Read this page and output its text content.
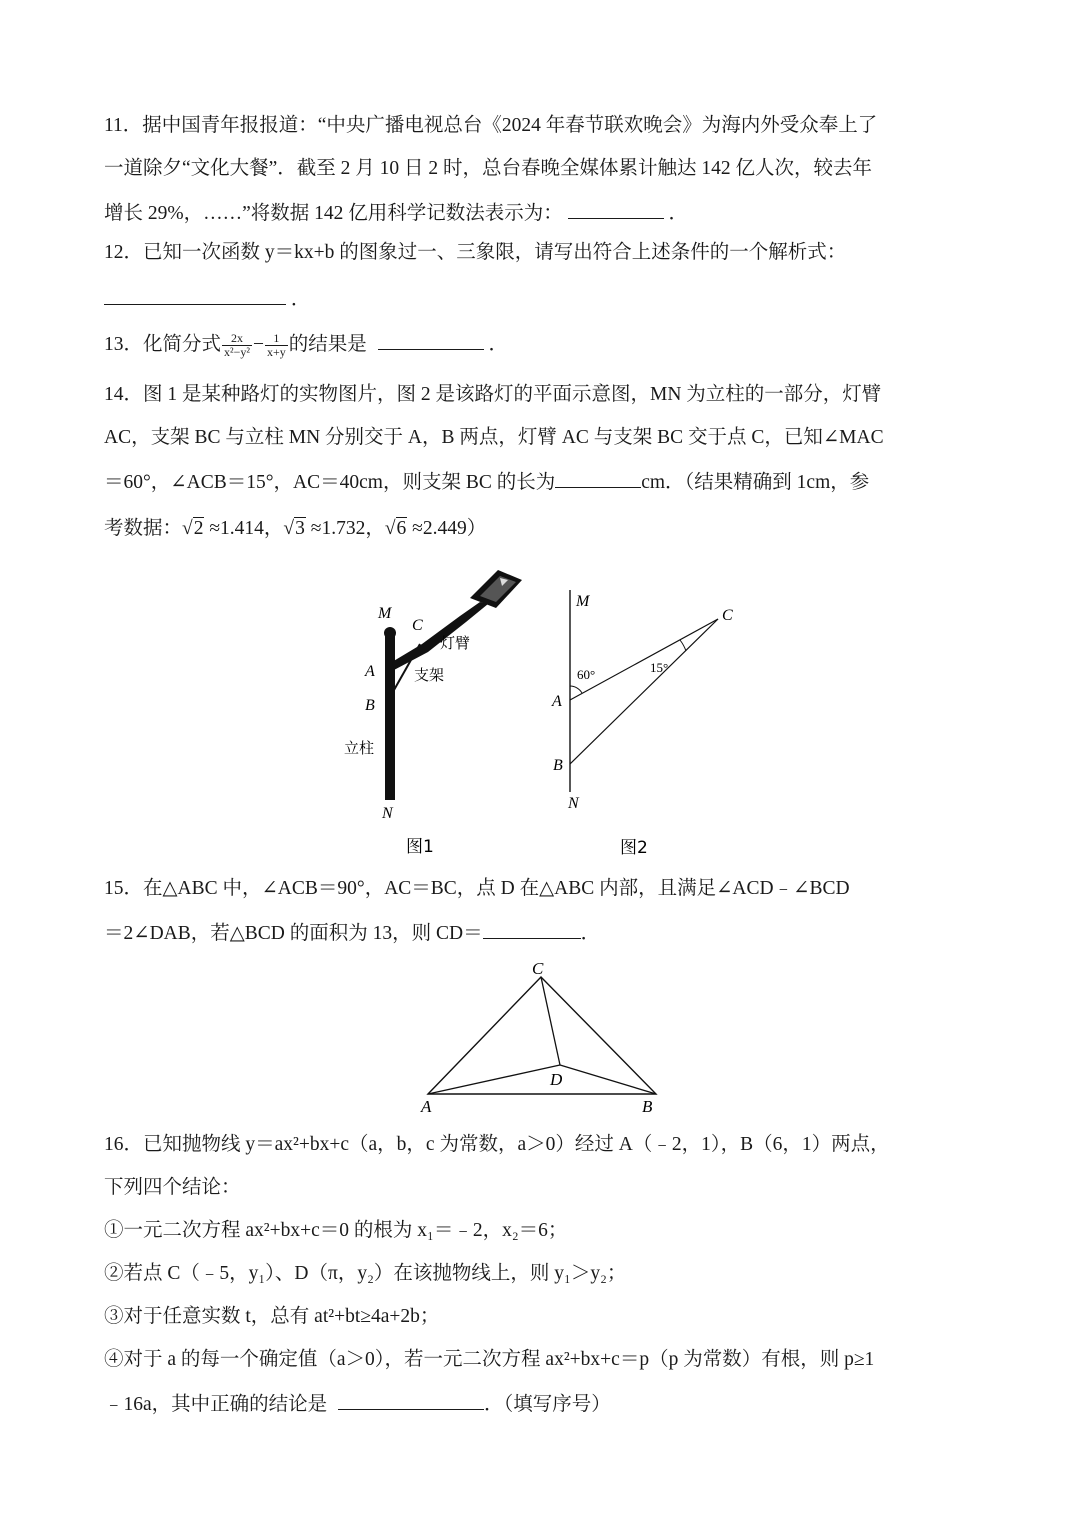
11．据中国青年报报道：“中央广播电视总台《2024 年春节联欢晚会》为海内外受众奉上了
一道除夕“文化大餐”．截至 2 月 10 日 2 时，总台春晚全媒体累计触达 142 亿人次，较去年
增长 29%，……”将数据 142 亿用科学记数法表示为：	．
12．已知一次函数 y＝kx+b 的图象过一、三象限，请写出符合上述条件的一个解析式：
．
13．化简分式 $\frac{2x}{\text{x²−y²}} - \frac{1}{x+y}$ 的结果是	．
14．图 1 是某种路灯的实物图片，图 2 是该路灯的平面示意图，MN 为立柱的一部分，灯臂
AC，支架 BC 与立柱 MN 分别交于 A，B 两点，灯臂 AC 与支架 BC 交于点 C，已知∠MAC
＝60°，∠ACB＝15°，AC＝40cm，则支架 BC 的长为	cm．（结果精确到 1cm，参
考数据：√2 ≈1.414，√3 ≈1.732，√6 ≈2.449）
M
C
A
B
N
灯臂
支架
立柱
图1
M
C
60°	15°
A
B
N
图2
15．在△ABC 中，∠ACB＝90°，AC＝BC，点 D 在△ABC 内部，且满足∠ACD﹣∠BCD
＝2∠DAB，若△BCD 的面积为 13，则 CD＝	．
C
D
A	B
16．已知抛物线 y＝ax²+bx+c（a，b，c 为常数，a＞0）经过 A（﹣2，1），B（6，1）两点，
下列四个结论：
①一元二次方程 ax²+bx+c＝0 的根为 x₁＝﹣2，x₂＝6；
②若点 C（﹣5，y₁）、D（π，y₂）在该抛物线上，则 y₁＞y₂；
③对于任意实数 t，总有 at²+bt≥4a+2b；
④对于 a 的每一个确定值（a＞0），若一元二次方程 ax²+bx+c＝p（p 为常数）有根，则 p≥1
﹣16a，其中正确的结论是	．（填写序号）
